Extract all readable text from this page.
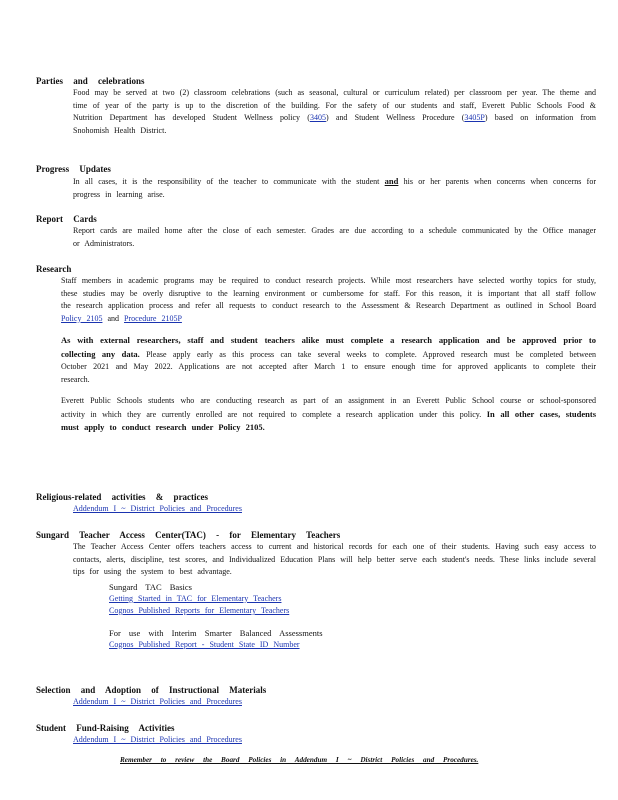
Parties and celebrations
Food may be served at two (2) classroom celebrations (such as seasonal, cultural or curriculum related) per classroom per year. The theme and time of year of the party is up to the discretion of the building. For the safety of our students and staff, Everett Public Schools Food & Nutrition Department has developed Student Wellness policy (3405) and Student Wellness Procedure (3405P) based on information from Snohomish Health District.
Progress Updates
In all cases, it is the responsibility of the teacher to communicate with the student and his or her parents when concerns when concerns for progress in learning arise.
Report Cards
Report cards are mailed home after the close of each semester. Grades are due according to a schedule communicated by the Office manager or Administrators.
Research
Staff members in academic programs may be required to conduct research projects. While most researchers have selected worthy topics for study, these studies may be overly disruptive to the learning environment or cumbersome for staff. For this reason, it is important that all staff follow the research application process and refer all requests to conduct research to the Assessment & Research Department as outlined in School Board Policy 2105 and Procedure 2105P
As with external researchers, staff and student teachers alike must complete a research application and be approved prior to collecting any data. Please apply early as this process can take several weeks to complete. Approved research must be completed between October 2021 and May 2022. Applications are not accepted after March 1 to ensure enough time for approved applicants to complete their research.
Everett Public Schools students who are conducting research as part of an assignment in an Everett Public School course or school-sponsored activity in which they are currently enrolled are not required to complete a research application under this policy. In all other cases, students must apply to conduct research under Policy 2105.
Religious-related activities & practices
Addendum I ~ District Policies and Procedures
Sungard Teacher Access Center(TAC) - for Elementary Teachers
The Teacher Access Center offers teachers access to current and historical records for each one of their students. Having such easy access to contacts, alerts, discipline, test scores, and Individualized Education Plans will help better serve each student's needs. These links include several tips for using the system to best advantage.
Sungard TAC Basics
Getting Started in TAC for Elementary Teachers
Cognos Published Reports for Elementary Teachers
For use with Interim Smarter Balanced Assessments
Cognos Published Report - Student State ID Number
Selection and Adoption of Instructional Materials
Addendum I ~ District Policies and Procedures
Student Fund-Raising Activities
Addendum I ~ District Policies and Procedures
Remember to review the Board Policies in Addendum I ~ District Policies and Procedures.
